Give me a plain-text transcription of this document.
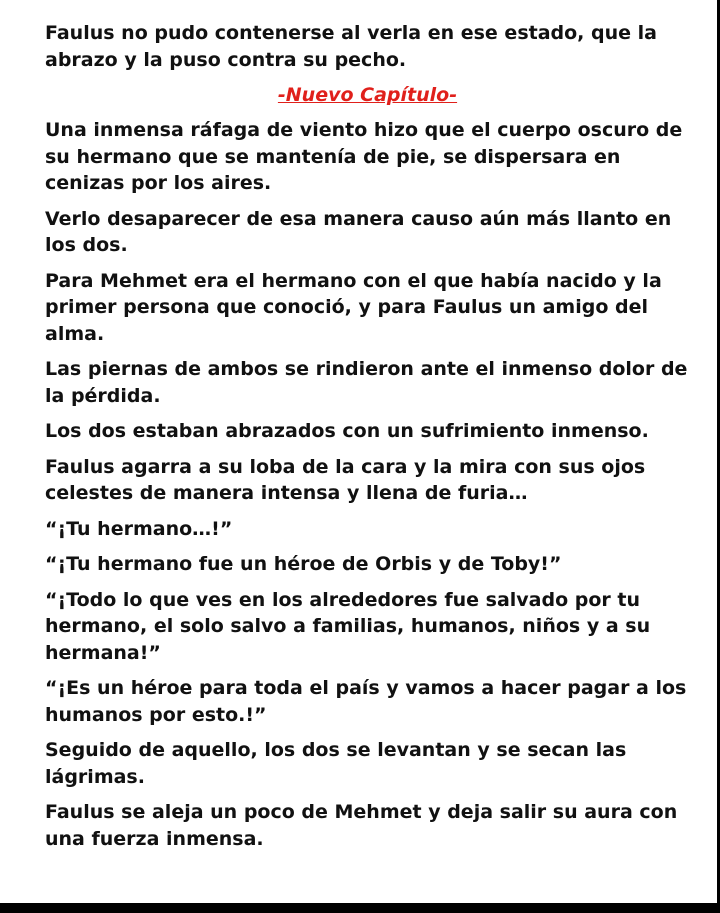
Faulus no pudo contenerse al verla en ese estado, que la abrazo y la puso contra su pecho.

-Nuevo Capítulo-

Una inmensa ráfaga de viento hizo que el cuerpo oscuro de su hermano que se mantenía de pie, se dispersara en cenizas por los aires.

Verlo desaparecer de esa manera causo aún más llanto en los dos.

Para Mehmet era el hermano con el que había nacido y la primer persona que conoció, y para Faulus un amigo del alma.

Las piernas de ambos se rindieron ante el inmenso dolor de la pérdida.

Los dos estaban abrazados con un sufrimiento inmenso.

Faulus agarra a su loba de la cara y la mira con sus ojos celestes de manera intensa y llena de furia…

“¡Tu hermano…!”

“¡Tu hermano fue un héroe de Orbis y de Toby!”

“¡Todo lo que ves en los alrededores fue salvado por tu hermano, el solo salvo a familias, humanos, niños y a su hermana!”

“¡Es un héroe para toda el país y vamos a hacer pagar a los humanos por esto.!”

Seguido de aquello, los dos se levantan y se secan las lágrimas.

Faulus se aleja un poco de Mehmet y deja salir su aura con una fuerza inmensa.
